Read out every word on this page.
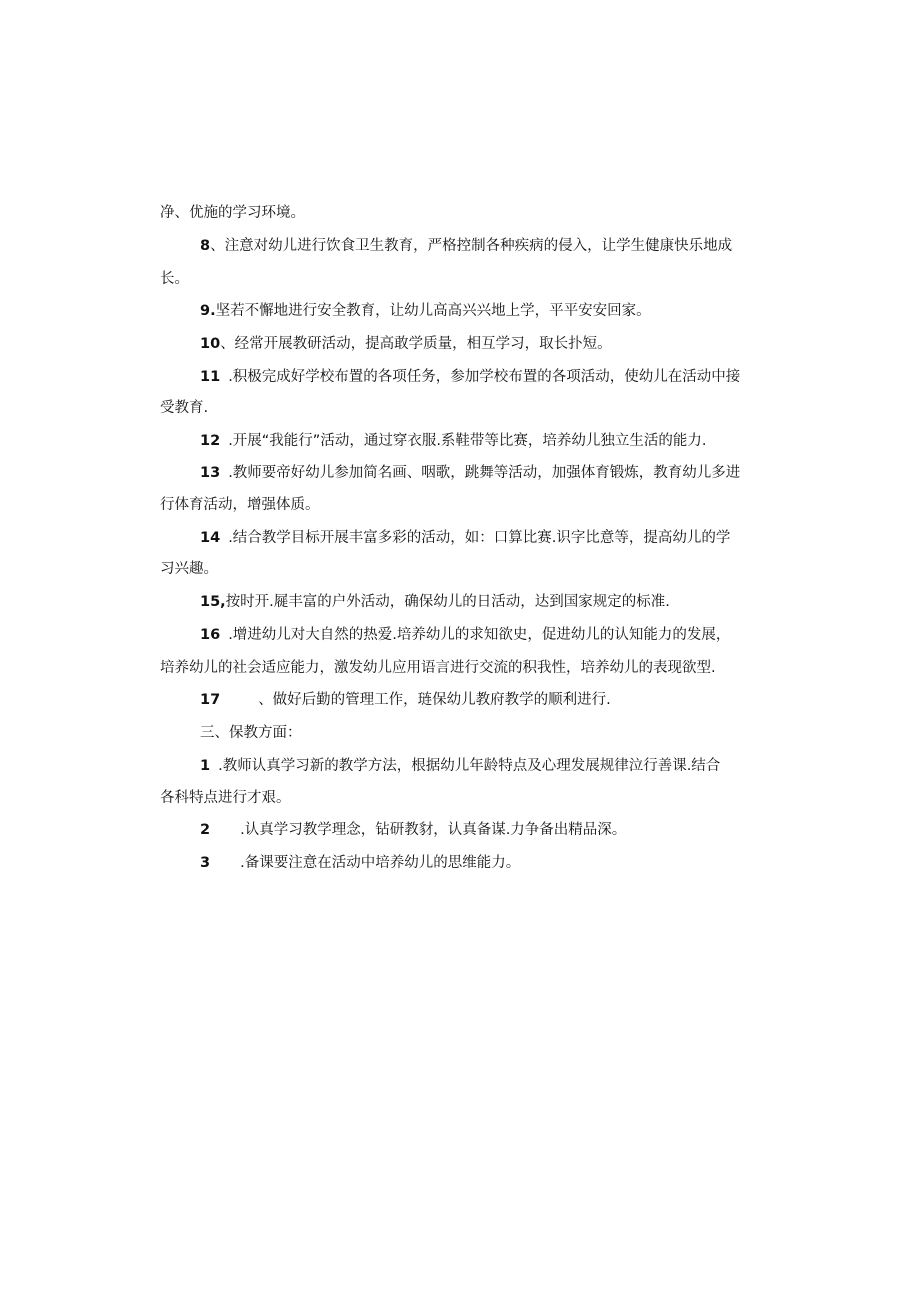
净、优施的学习环境。
8、注意对幼儿进行饮食卫生教育，严格控制各种疾病的侵入，让学生健康快乐地成
长。
9.坚若不懈地进行安全教育，让幼儿高高兴兴地上学，平平安安回家。
10、经常开展教研活动，提高敢学质量，相互学习，取长扑短。
11 .积极完成好学校布置的各项任务，参加学校布置的各项活动，使幼儿在活动中接
受教育.
12 .开展“我能行”活动，通过穿衣服.系鞋带等比赛，培养幼儿独立生活的能力.
13 .教师要帝好幼儿参加简名画、咽歌，跳舞等活动，加强体育锻炼，教育幼儿多进
行体育活动，增强体质。
14 .结合教学目标开展丰富多彩的活动，如：口算比赛.识字比意等，提高幼儿的学
习兴趣。
15,按时开.屣丰富的户外活动，确保幼儿的日活动，达到国家规定的标准.
16 .增进幼儿对大自然的热爱.培养幼儿的求知欲史，促进幼儿的认知能力的发展，
培养幼儿的社会适应能力，激发幼儿应用语言进行交流的积我性，培养幼儿的表现欲型.
17	、做好后勤的管理工作，琏保幼儿教府教学的顺利进行.
三、保教方面：
1 .教师认真学习新的教学方法，根据幼儿年龄特点及心理发展规律泣行善课.结合
各科特点进行才艰。
2 .认真学习教学理念，钻研教豺，认真备谋.力争备出精品深。
3 .备课要注意在活动中培养幼儿的思维能力。
